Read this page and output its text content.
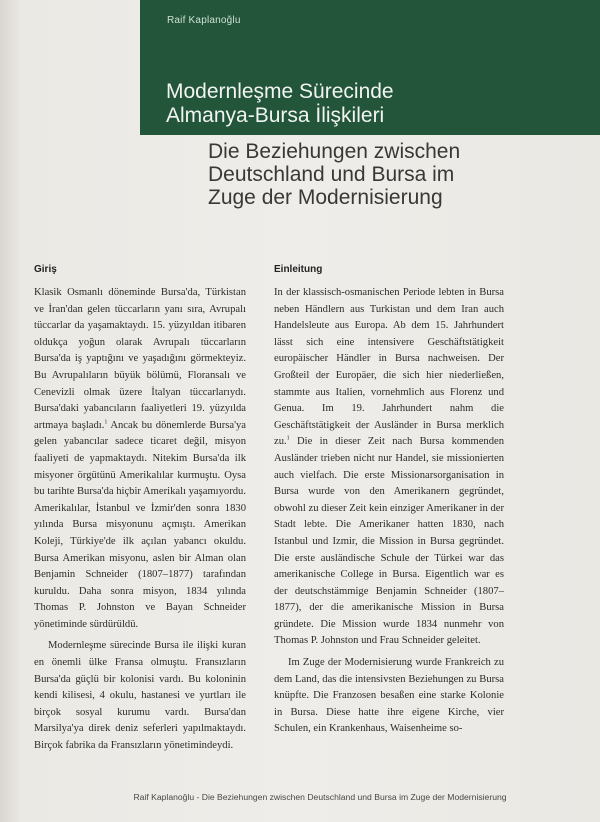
Raif Kaplanoğlu
Modernleşme Sürecinde
Almanya-Bursa İlişkileri
Die Beziehungen zwischen
Deutschland und Bursa im
Zuge der Modernisierung
Giriş

Klasik Osmanlı döneminde Bursa'da, Türkistan ve İran'dan gelen tüccarların yanı sıra, Avrupalı tüccarlar da yaşamaktaydı. 15. yüzyıldan itibaren oldukça yoğun olarak Avrupalı tüccarların Bursa'da iş yaptığını ve yaşadığını görmekteyiz. Bu Avrupalıların büyük bölümü, Floransalı ve Cenevizli olmak üzere İtalyan tüccarlarıydı. Bursa'daki yabancıların faaliyetleri 19. yüzyılda artmaya başladı.$^1$ Ancak bu dönemlerde Bursa'ya gelen yabancılar sadece ticaret değil, misyon faaliyeti de yapmaktaydı. Nitekim Bursa'da ilk misyoner örgütünü Amerikalılar kurmuştu. Oysa bu tarihte Bursa'da hiçbir Amerikalı yaşamıyordu. Amerikalılar, İstanbul ve İzmir'den sonra 1830 yılında Bursa misyonunu açmıştı. Amerikan Koleji, Türkiye'de ilk açılan yabancı okuldu. Bursa Amerikan misyonu, aslen bir Alman olan Benjamin Schneider (1807–1877) tarafından kuruldu. Daha sonra misyon, 1834 yılında Thomas P. Johnston ve Bayan Schneider yönetiminde sürdürüldü.

Modernleşme sürecinde Bursa ile ilişki kuran en önemli ülke Fransa olmuştu. Fransızların Bursa'da güçlü bir kolonisi vardı. Bu koloninin kendi kilisesi, 4 okulu, hastanesi ve yurtları ile birçok sosyal kurumu vardı. Bursa'dan Marsilya'ya direk deniz seferleri yapılmaktaydı. Birçok fabrika da Fransızların yönetimindeydi.

Einleitung

In der klassisch-osmanischen Periode lebten in Bursa neben Händlern aus Turkistan und dem Iran auch Handelsleute aus Europa. Ab dem 15. Jahrhundert lässt sich eine intensivere Geschäftstätigkeit europäischer Händler in Bursa nachweisen. Der Großteil der Europäer, die sich hier niederließen, stammte aus Italien, vornehmlich aus Florenz und Genua. Im 19. Jahrhundert nahm die Geschäftstätigkeit der Ausländer in Bursa merklich zu.$^1$ Die in dieser Zeit nach Bursa kommenden Ausländer trieben nicht nur Handel, sie missionierten auch vielfach. Die erste Missionarsorganisation in Bursa wurde von den Amerikanern gegründet, obwohl zu dieser Zeit kein einziger Amerikaner in der Stadt lebte. Die Amerikaner hatten 1830, nach Istanbul und Izmir, die Mission in Bursa gegründet. Die erste ausländische Schule der Türkei war das amerikanische College in Bursa. Eigentlich war es der deutschstämmige Benjamin Schneider (1807–1877), der die amerikanische Mission in Bursa gründete. Die Mission wurde 1834 nunmehr von Thomas P. Johnston und Frau Schneider geleitet.

Im Zuge der Modernisierung wurde Frankreich zu dem Land, das die intensivsten Beziehungen zu Bursa knüpfte. Die Franzosen besaßen eine starke Kolonie in Bursa. Diese hatte ihre eigene Kirche, vier Schulen, ein Krankenhaus, Waisenheime so-

Raif Kaplanoğlu - Die Beziehungen zwischen Deutschland und Bursa im Zuge der Modernisierung
